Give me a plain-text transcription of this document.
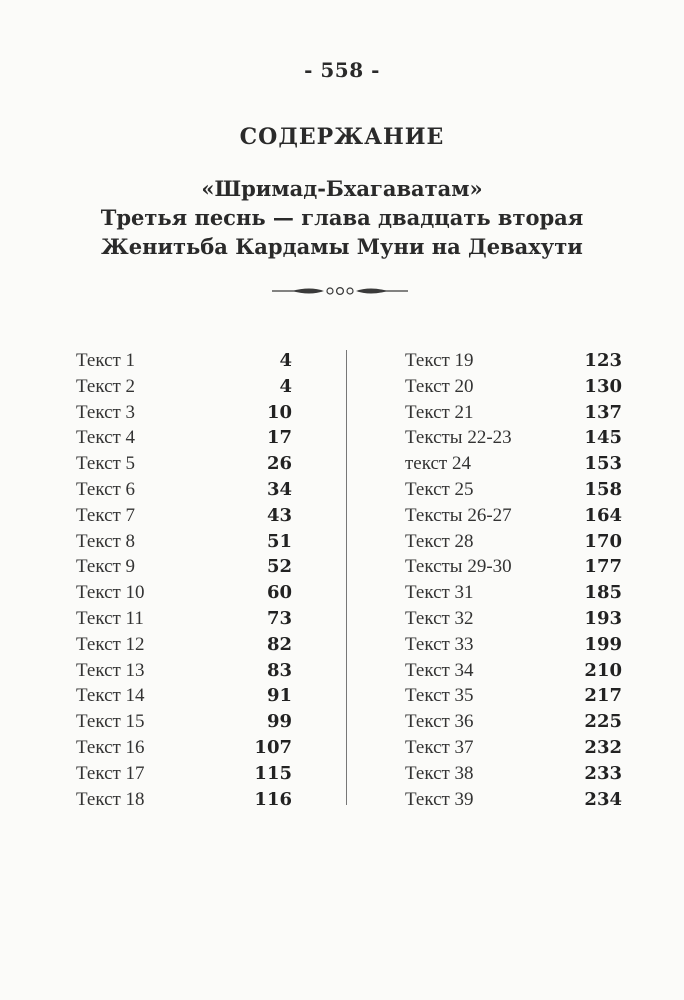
- 558 -
СОДЕРЖАНИЕ
«Шримад-Бхагаватам»
Третья песнь — глава двадцать вторая
Женитьба Кардамы Муни на Девахути
Текст 1	4
Текст 2	4
Текст 3	10
Текст 4	17
Текст 5	26
Текст 6	34
Текст 7	43
Текст 8	51
Текст 9	52
Текст 10	60
Текст 11	73
Текст 12	82
Текст 13	83
Текст 14	91
Текст 15	99
Текст 16	107
Текст 17	115
Текст 18	116
Текст 19	123
Текст 20	130
Текст 21	137
Тексты 22-23	145
текст 24	153
Текст 25	158
Тексты 26-27	164
Текст 28	170
Тексты 29-30	177
Текст 31	185
Текст 32	193
Текст 33	199
Текст 34	210
Текст 35	217
Текст 36	225
Текст 37	232
Текст 38	233
Текст 39	234
